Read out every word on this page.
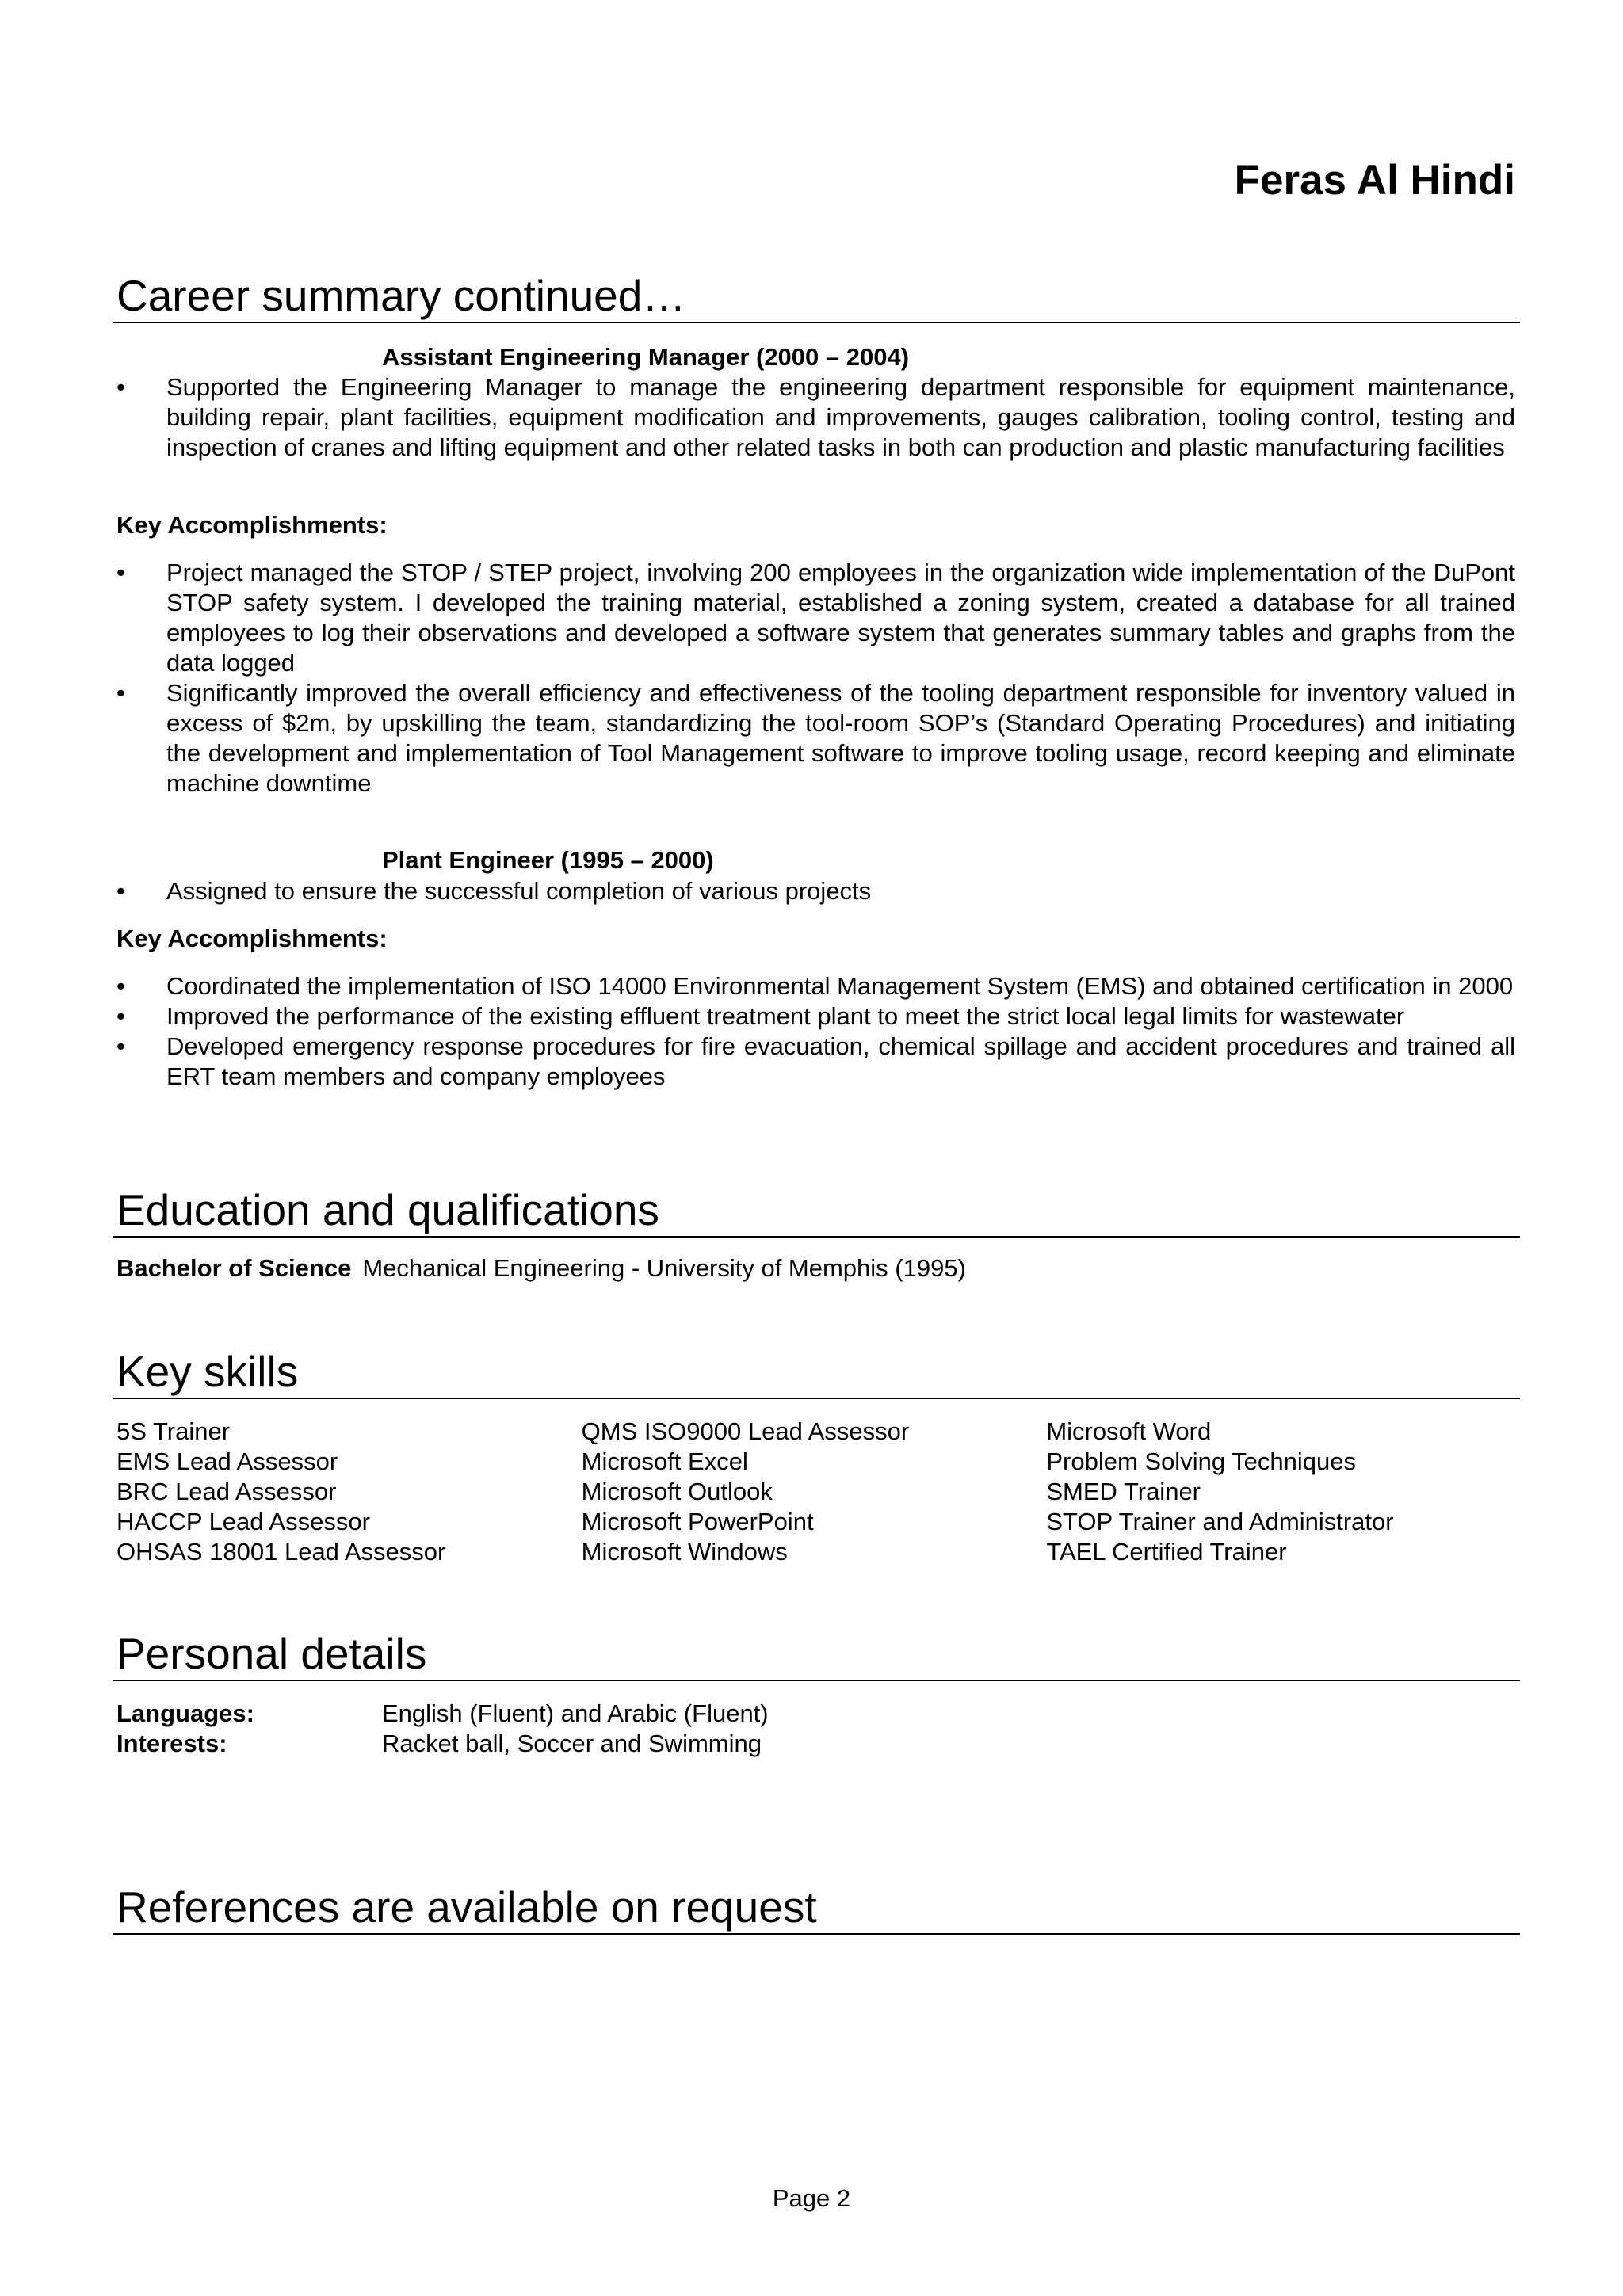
Feras Al Hindi
Career summary continued…

Assistant Engineering Manager (2000 – 2004)

• Supported the Engineering Manager to manage the engineering department responsible for equipment maintenance, building repair, plant facilities, equipment modification and improvements, gauges calibration, tooling control, testing and inspection of cranes and lifting equipment and other related tasks in both can production and plastic manufacturing facilities

Key Accomplishments:

• Project managed the STOP / STEP project, involving 200 employees in the organization wide implementation of the DuPont STOP safety system. I developed the training material, established a zoning system, created a database for all trained employees to log their observations and developed a software system that generates summary tables and graphs from the data logged
• Significantly improved the overall efficiency and effectiveness of the tooling department responsible for inventory valued in excess of $2m, by upskilling the team, standardizing the tool-room SOP’s (Standard Operating Procedures) and initiating the development and implementation of Tool Management software to improve tooling usage, record keeping and eliminate machine downtime

Plant Engineer (1995 – 2000)

• Assigned to ensure the successful completion of various projects

Key Accomplishments:

• Coordinated the implementation of ISO 14000 Environmental Management System (EMS) and obtained certification in 2000
• Improved the performance of the existing effluent treatment plant to meet the strict local legal limits for wastewater
• Developed emergency response procedures for fire evacuation, chemical spillage and accident procedures and trained all ERT team members and company employees
Education and qualifications

Bachelor of Science Mechanical Engineering - University of Memphis (1995)

Key skills
5S Trainer
EMS Lead Assessor
BRC Lead Assessor
HACCP Lead Assessor
OHSAS 18001 Lead Assessor
QMS ISO9000 Lead Assessor
Microsoft Excel
Microsoft Outlook
Microsoft PowerPoint
Microsoft Windows
Microsoft Word
Problem Solving Techniques
SMED Trainer
STOP Trainer and Administrator
TAEL Certified Trainer
Personal details
Languages:	English (Fluent) and Arabic (Fluent)
Interests:	Racket ball, Soccer and Swimming
References are available on request

Page 2
